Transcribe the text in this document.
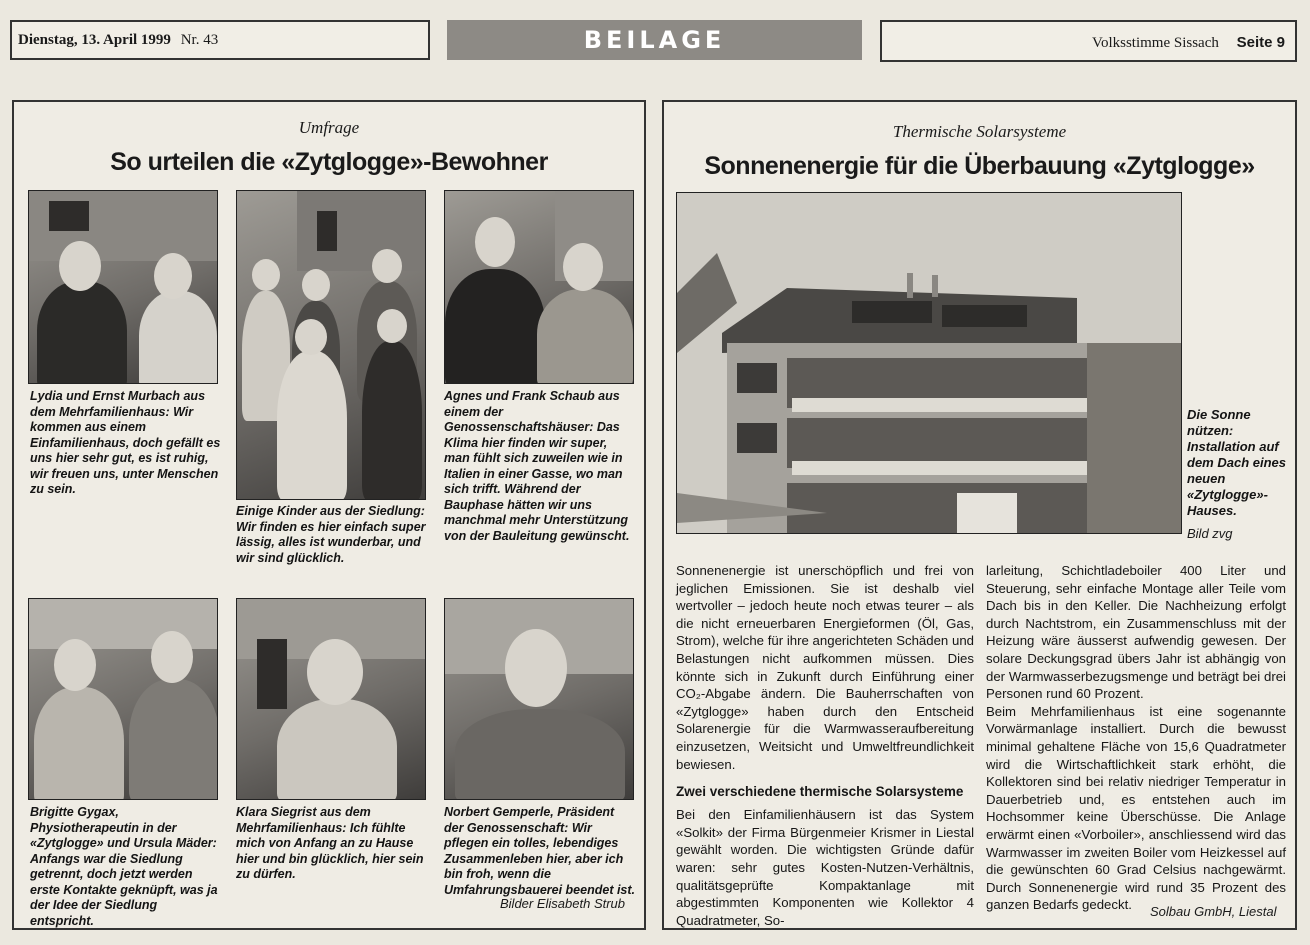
Dienstag, 13. April 1999 Nr. 43	BEILAGE	Volksstimme Sissach Seite 9
Umfrage
So urteilen die «Zytglogge»-Bewohner
Lydia und Ernst Murbach aus dem Mehrfamilienhaus: Wir kommen aus einem Einfamilienhaus, doch gefällt es uns hier sehr gut, es ist ruhig, wir freuen uns, unter Menschen zu sein.
Einige Kinder aus der Siedlung: Wir finden es hier einfach super lässig, alles ist wunderbar, und wir sind glücklich.
Agnes und Frank Schaub aus einem der Genossenschaftshäuser: Das Klima hier finden wir super, man fühlt sich zuweilen wie in Italien in einer Gasse, wo man sich trifft. Während der Bauphase hätten wir uns manchmal mehr Unterstützung von der Bauleitung gewünscht.
Brigitte Gygax, Physiotherapeutin in der «Zytglogge» und Ursula Mäder: Anfangs war die Siedlung getrennt, doch jetzt werden erste Kontakte geknüpft, was ja der Idee der Siedlung entspricht.
Klara Siegrist aus dem Mehrfamilienhaus: Ich fühlte mich von Anfang an zu Hause hier und bin glücklich, hier sein zu dürfen.
Norbert Gemperle, Präsident der Genossenschaft: Wir pflegen ein tolles, lebendiges Zusammenleben hier, aber ich bin froh, wenn die Umfahrungsbauerei beendet ist.
Bilder Elisabeth Strub
Thermische Solarsysteme
Sonnenenergie für die Überbauung «Zytglogge»
Die Sonne nützen: Installation auf dem Dach eines neuen «Zytglogge»-Hauses.
Bild zvg

Sonnenenergie ist unerschöpflich und frei von jeglichen Emissionen. Sie ist deshalb viel wertvoller – jedoch heute noch etwas teurer – als die nicht erneuerbaren Energieformen (Öl, Gas, Strom), welche für ihre angerichteten Schäden und Belastungen nicht aufkommen müssen. Dies könnte sich in Zukunft durch Einführung einer CO₂-Abgabe ändern. Die Bauherrschaften von «Zytglogge» haben durch den Entscheid Solarenergie für die Warmwasseraufbereitung einzusetzen, Weitsicht und Umweltfreundlichkeit bewiesen.

Zwei verschiedene thermische Solarsysteme

Bei den Einfamilienhäusern ist das System «Solkit» der Firma Bürgenmeier Krismer in Liestal gewählt worden. Die wichtigsten Gründe dafür waren: sehr gutes Kosten-Nutzen-Verhältnis, qualitätsgeprüfte Kompaktanlage mit abgestimmten Komponenten wie Kollektor 4 Quadratmeter, So-

larleitung, Schichtladeboiler 400 Liter und Steuerung, sehr einfache Montage aller Teile vom Dach bis in den Keller. Die Nachheizung erfolgt durch Nachtstrom, ein Zusammenschluss mit der Heizung wäre äusserst aufwendig gewesen. Der solare Deckungsgrad übers Jahr ist abhängig von der Warmwasserbezugsmenge und beträgt bei drei Personen rund 60 Prozent.

Beim Mehrfamilienhaus ist eine sogenannte Vorwärmanlage installiert. Durch die bewusst minimal gehaltene Fläche von 15,6 Quadratmeter wird die Wirtschaftlichkeit stark erhöht, die Kollektoren sind bei relativ niedriger Temperatur in Dauerbetrieb und, es entstehen auch im Hochsommer keine Überschüsse. Die Anlage erwärmt einen «Vorboiler», anschliessend wird das Warmwasser im zweiten Boiler vom Heizkessel auf die gewünschten 60 Grad Celsius nachgewärmt. Durch Sonnenenergie wird rund 35 Prozent des ganzen Bedarfs gedeckt.	Solbau GmbH, Liestal
